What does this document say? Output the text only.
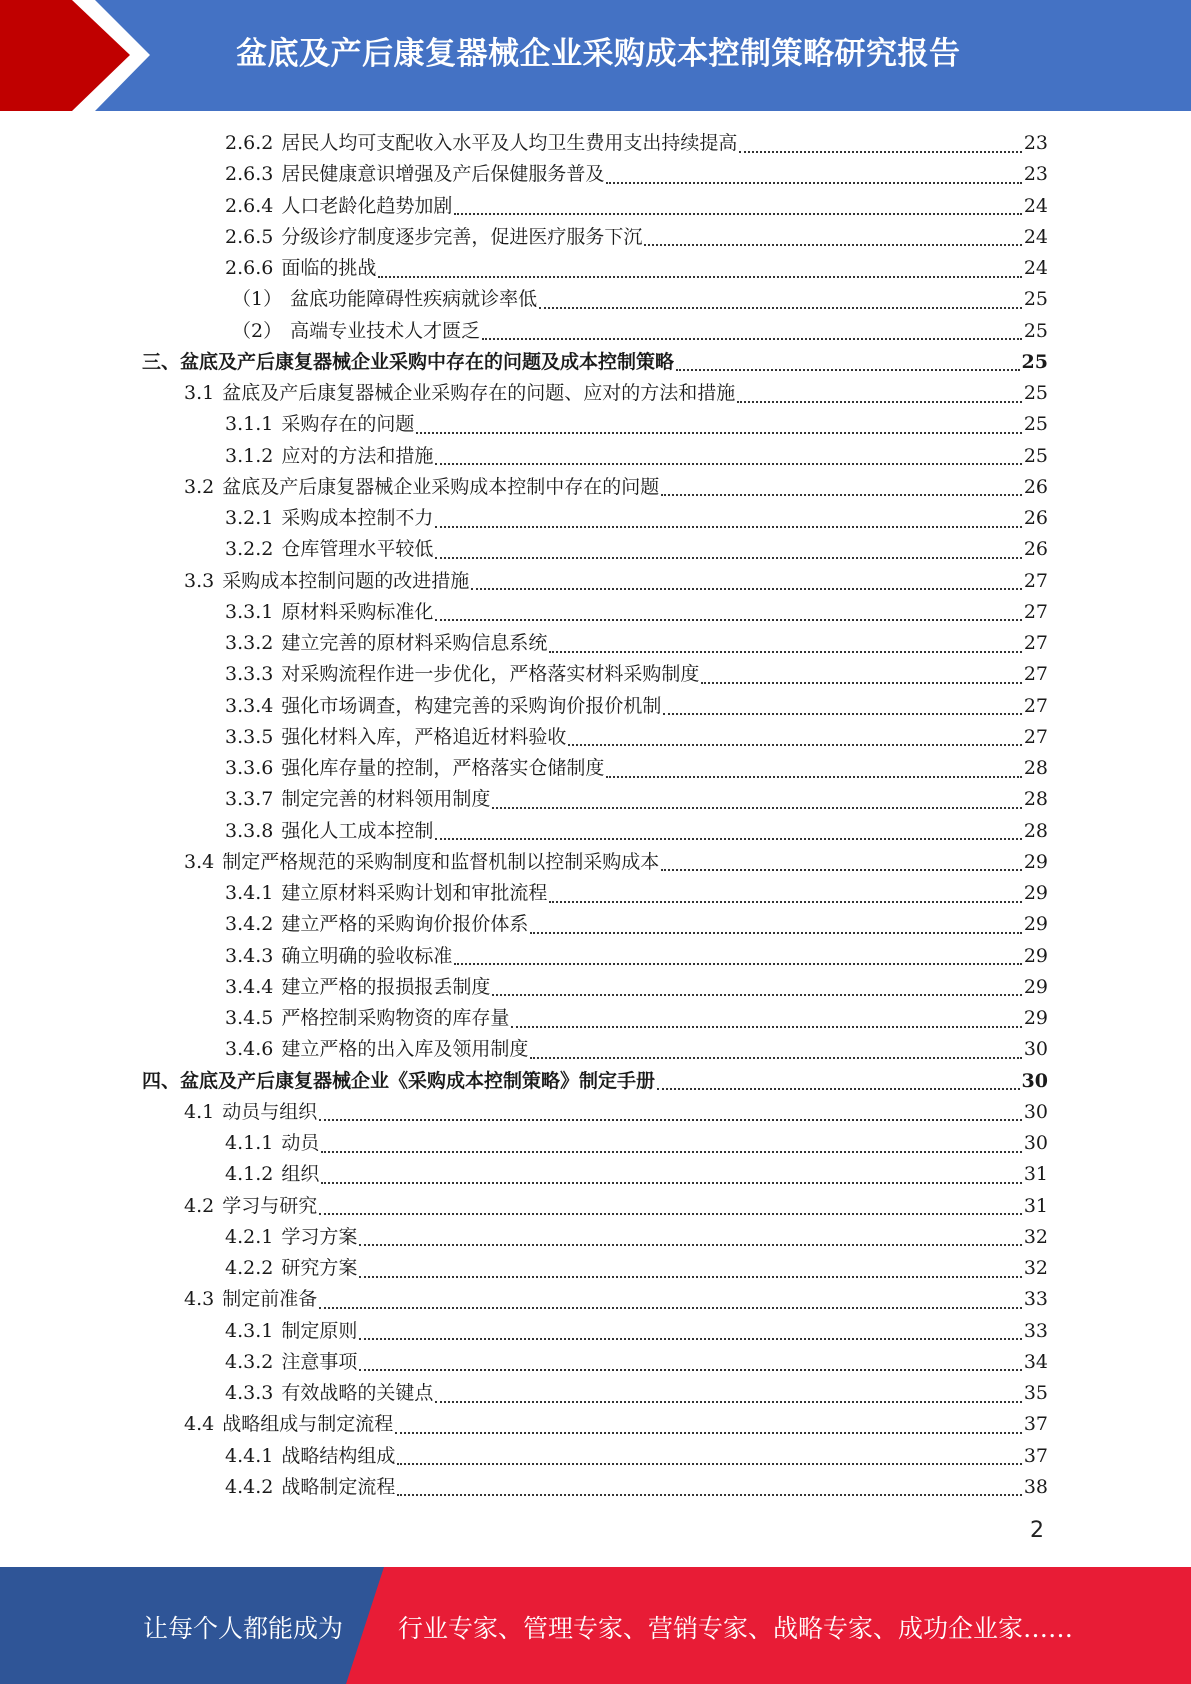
盆底及产后康复器械企业采购成本控制策略研究报告
2.6.2 居民人均可支配收入水平及人均卫生费用支出持续提高	23
2.6.3 居民健康意识增强及产后保健服务普及	23
2.6.4 人口老龄化趋势加剧	24
2.6.5 分级诊疗制度逐步完善，促进医疗服务下沉	24
2.6.6 面临的挑战	24
（1） 盆底功能障碍性疾病就诊率低	25
（2） 高端专业技术人才匮乏	25
三、盆底及产后康复器械企业采购中存在的问题及成本控制策略	25
3.1 盆底及产后康复器械企业采购存在的问题、应对的方法和措施	25
3.1.1 采购存在的问题	25
3.1.2 应对的方法和措施	25
3.2 盆底及产后康复器械企业采购成本控制中存在的问题	26
3.2.1 采购成本控制不力	26
3.2.2 仓库管理水平较低	26
3.3 采购成本控制问题的改进措施	27
3.3.1 原材料采购标准化	27
3.3.2 建立完善的原材料采购信息系统	27
3.3.3 对采购流程作进一步优化，严格落实材料采购制度	27
3.3.4 强化市场调查，构建完善的采购询价报价机制	27
3.3.5 强化材料入库，严格追近材料验收	27
3.3.6 强化库存量的控制，严格落实仓储制度	28
3.3.7 制定完善的材料领用制度	28
3.3.8 强化人工成本控制	28
3.4 制定严格规范的采购制度和监督机制以控制采购成本	29
3.4.1 建立原材料采购计划和审批流程	29
3.4.2 建立严格的采购询价报价体系	29
3.4.3 确立明确的验收标准	29
3.4.4 建立严格的报损报丢制度	29
3.4.5 严格控制采购物资的库存量	29
3.4.6 建立严格的出入库及领用制度	30
四、盆底及产后康复器械企业《采购成本控制策略》制定手册	30
4.1 动员与组织	30
4.1.1 动员	30
4.1.2 组织	31
4.2 学习与研究	31
4.2.1 学习方案	32
4.2.2 研究方案	32
4.3 制定前准备	33
4.3.1 制定原则	33
4.3.2 注意事项	34
4.3.3 有效战略的关键点	35
4.4 战略组成与制定流程	37
4.4.1 战略结构组成	37
4.4.2 战略制定流程	38
2
让每个人都能成为 行业专家、管理专家、营销专家、战略专家、成功企业家……
